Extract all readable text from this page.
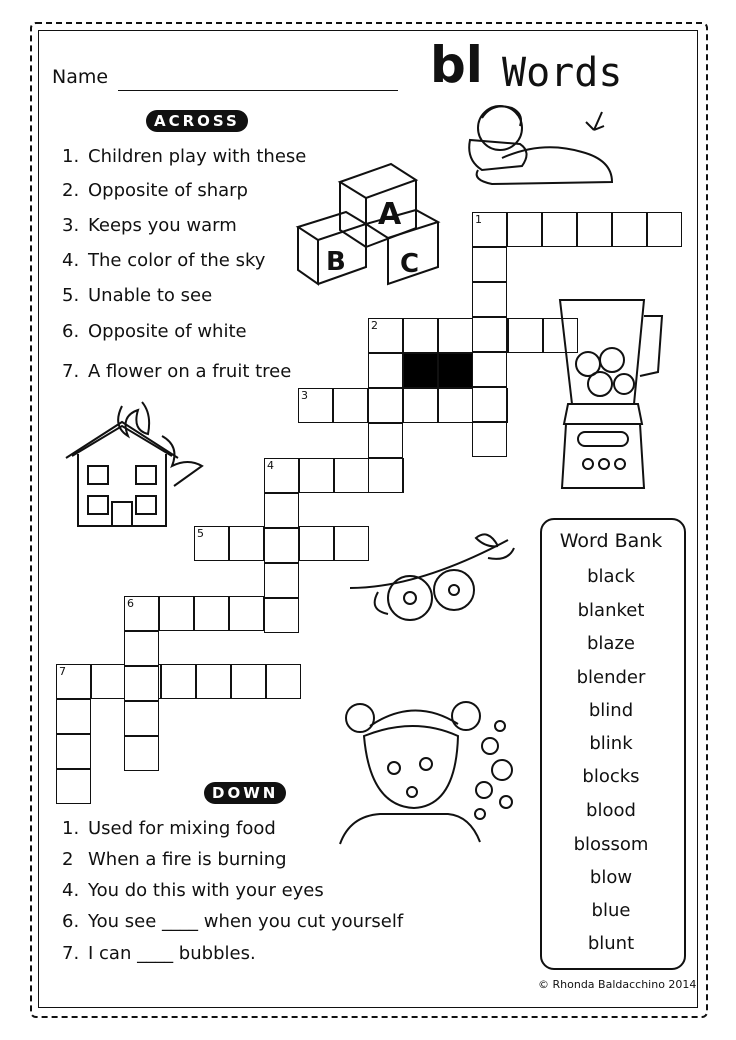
Name	bl Words
ACROSS
1. Children play with these
2. Opposite of sharp
3. Keeps you warm
4. The color of the sky
5. Unable to see
6. Opposite of white
7. A flower on a fruit tree
DOWN
1. Used for mixing food
2 When a fire is burning
4. You do this with your eyes
6. You see ____ when you cut yourself
7. I can ____ bubbles.
1
2
3
4
5
6
7
Word Bank
black
blanket
blaze
blender
blind
blink
blocks
blood
blossom
blow
blue
blunt
© Rhonda Baldacchino 2014
A
B C
